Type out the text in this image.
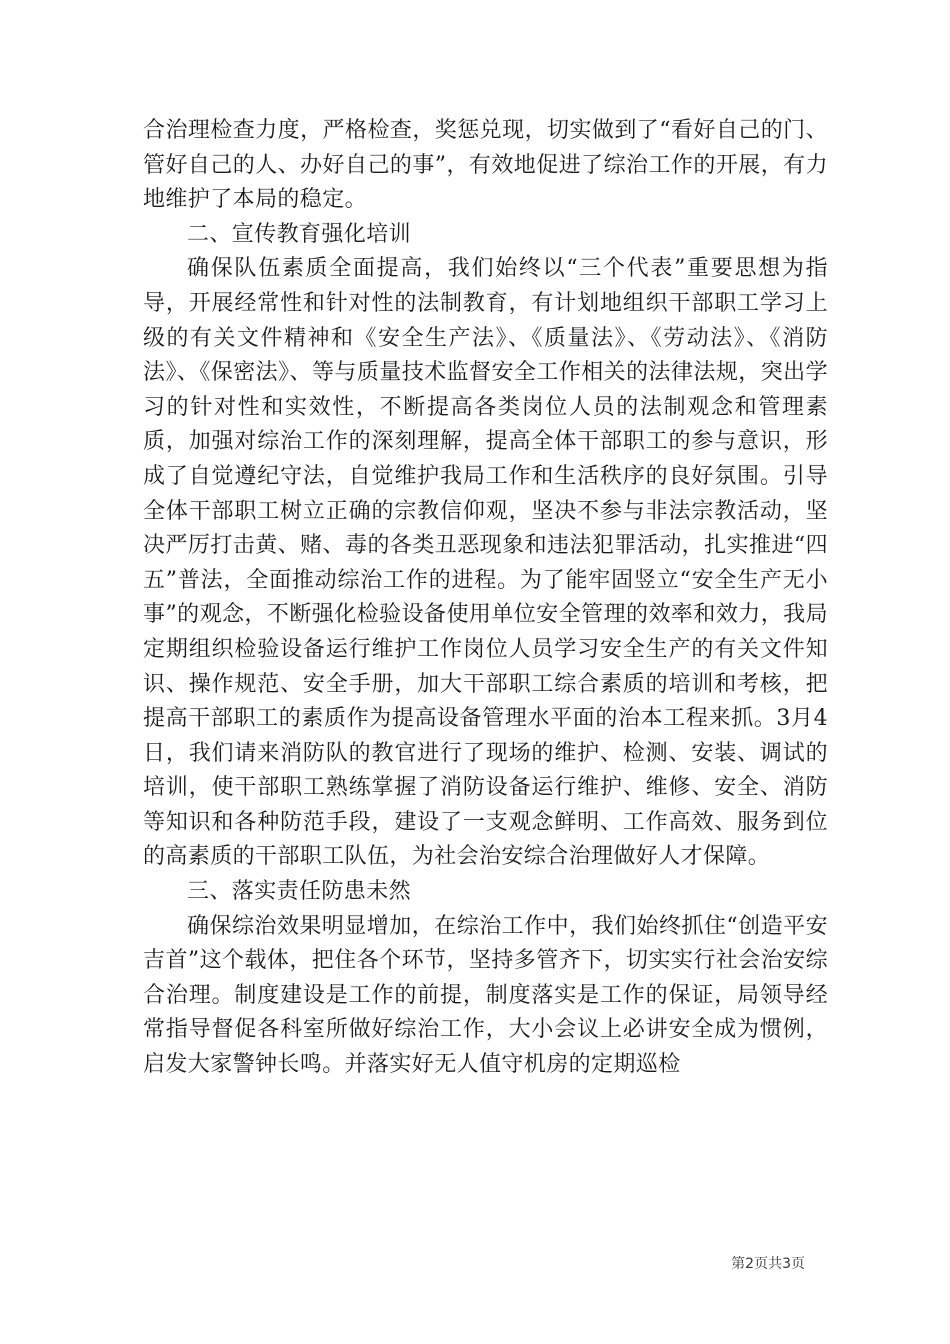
合治理检查力度，严格检查，奖惩兑现，切实做到了“看好自己的门、管好自己的人、办好自己的事”，有效地促进了综治工作的开展，有力地维护了本局的稳定。

二、宣传教育强化培训

确保队伍素质全面提高，我们始终以“三个代表”重要思想为指导，开展经常性和针对性的法制教育，有计划地组织干部职工学习上级的有关文件精神和《安全生产法》、《质量法》、《劳动法》、《消防法》、《保密法》、等与质量技术监督安全工作相关的法律法规，突出学习的针对性和实效性，不断提高各类岗位人员的法制观念和管理素质，加强对综治工作的深刻理解，提高全体干部职工的参与意识，形成了自觉遵纪守法，自觉维护我局工作和生活秩序的良好氛围。引导全体干部职工树立正确的宗教信仰观，坚决不参与非法宗教活动，坚决严厉打击黄、赌、毒的各类丑恶现象和违法犯罪活动，扎实推进“四五”普法，全面推动综治工作的进程。为了能牢固竖立“安全生产无小事”的观念，不断强化检验设备使用单位安全管理的效率和效力，我局定期组织检验设备运行维护工作岗位人员学习安全生产的有关文件知识、操作规范、安全手册，加大干部职工综合素质的培训和考核，把提高干部职工的素质作为提高设备管理水平面的治本工程来抓。3月4日，我们请来消防队的教官进行了现场的维护、检测、安装、调试的培训，使干部职工熟练掌握了消防设备运行维护、维修、安全、消防等知识和各种防范手段，建设了一支观念鲜明、工作高效、服务到位的高素质的干部职工队伍，为社会治安综合治理做好人才保障。

三、落实责任防患未然

确保综治效果明显增加，在综治工作中，我们始终抓住“创造平安吉首”这个载体，把住各个环节，坚持多管齐下，切实实行社会治安综合治理。制度建设是工作的前提，制度落实是工作的保证，局领导经常指导督促各科室所做好综治工作，大小会议上必讲安全成为惯例，启发大家警钟长鸣。并落实好无人值守机房的定期巡检

第2页共3页
